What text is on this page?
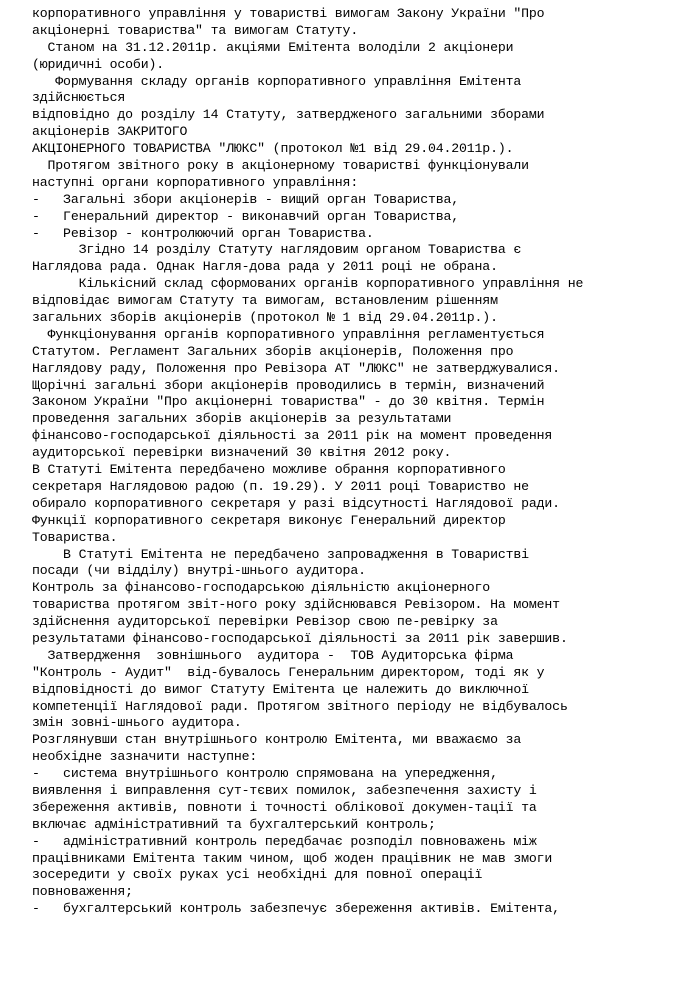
корпоративного управління у товаристві вимогам Закону України "Про
акціонерні товариства" та вимогам Статуту.
Станом на 31.12.2011р. акціями Емітента володіли 2 акціонери
(юридичні особи).
Формування складу органів корпоративного управління Емітента
здійснюється
відповідно до розділу 14 Статуту, затвердженого загальними зборами
акціонерів ЗАКРИТОГО
АКЦІОНЕРНОГО ТОВАРИСТВА "ЛЮКС" (протокол №1 від 29.04.2011р.).
Протягом звітного року в акціонерному товаристві функціонували
наступні органи корпоративного управління:
-   Загальні збори акціонерів - вищий орган Товариства,
-   Генеральний директор - виконавчий орган Товариства,
-   Ревізор - контролюючий орган Товариства.
Згідно 14 розділу Статуту наглядовим органом Товариства є
Наглядова рада. Однак Нагля-дова рада у 2011 році не обрана.
Кількісний склад сформованих органів корпоративного управління не
відповідає вимогам Статуту та вимогам, встановленим рішенням
загальних зборів акціонерів (протокол № 1 від 29.04.2011р.).
Функціонування органів корпоративного управління регламентується
Статутом. Регламент Загальних зборів акціонерів, Положення про
Наглядову раду, Положення про Ревізора АТ "ЛЮКС" не затверджувалися.
Щорічні загальні збори акціонерів проводились в термін, визначений
Законом України "Про акціонерні товариства" - до 30 квітня. Термін
проведення загальних зборів акціонерів за результатами
фінансово-господарської діяльності за 2011 рік на момент проведення
аудиторської перевірки визначений 30 квітня 2012 року.
В Статуті Емітента передбачено можливе обрання корпоративного
секретаря Наглядовою радою (п. 19.29). У 2011 році Товариство не
обирало корпоративного секретаря у разі відсутності Наглядової ради.
Функції корпоративного секретаря виконує Генеральний директор
Товариства.
В Статуті Емітента не передбачено запровадження в Товаристві
посади (чи відділу) внутрі-шнього аудитора.
Контроль за фінансово-господарською діяльністю акціонерного
товариства протягом звіт-ного року здійснювався Ревізором. На момент
здійснення аудиторської перевірки Ревізор свою пе-ревірку за
результатами фінансово-господарської діяльності за 2011 рік завершив.
Затвердження  зовнішнього  аудитора -  ТОВ Аудиторська фірма
"Контроль - Аудит"  від-бувалось Генеральним директором, тоді як у
відповідності до вимог Статуту Емітента це належить до виключної
компетенції Наглядової ради. Протягом звітного періоду не відбувалось
змін зовні-шнього аудитора.
Розглянувши стан внутрішнього контролю Емітента, ми вважаємо за
необхідне зазначити наступне:
-   система внутрішнього контролю спрямована на упередження,
виявлення і виправлення сут-тєвих помилок, забезпечення захисту і
збереження активів, повноти і точності облікової докумен-тації та
включає адміністративний та бухгалтерський контроль;
-   адміністративний контроль передбачає розподіл повноважень між
працівниками Емітента таким чином, щоб жоден працівник не мав змоги
зосередити у своїх руках усі необхідні для повної операції
повноваження;
-   бухгалтерський контроль забезпечує збереження активів. Емітента,
